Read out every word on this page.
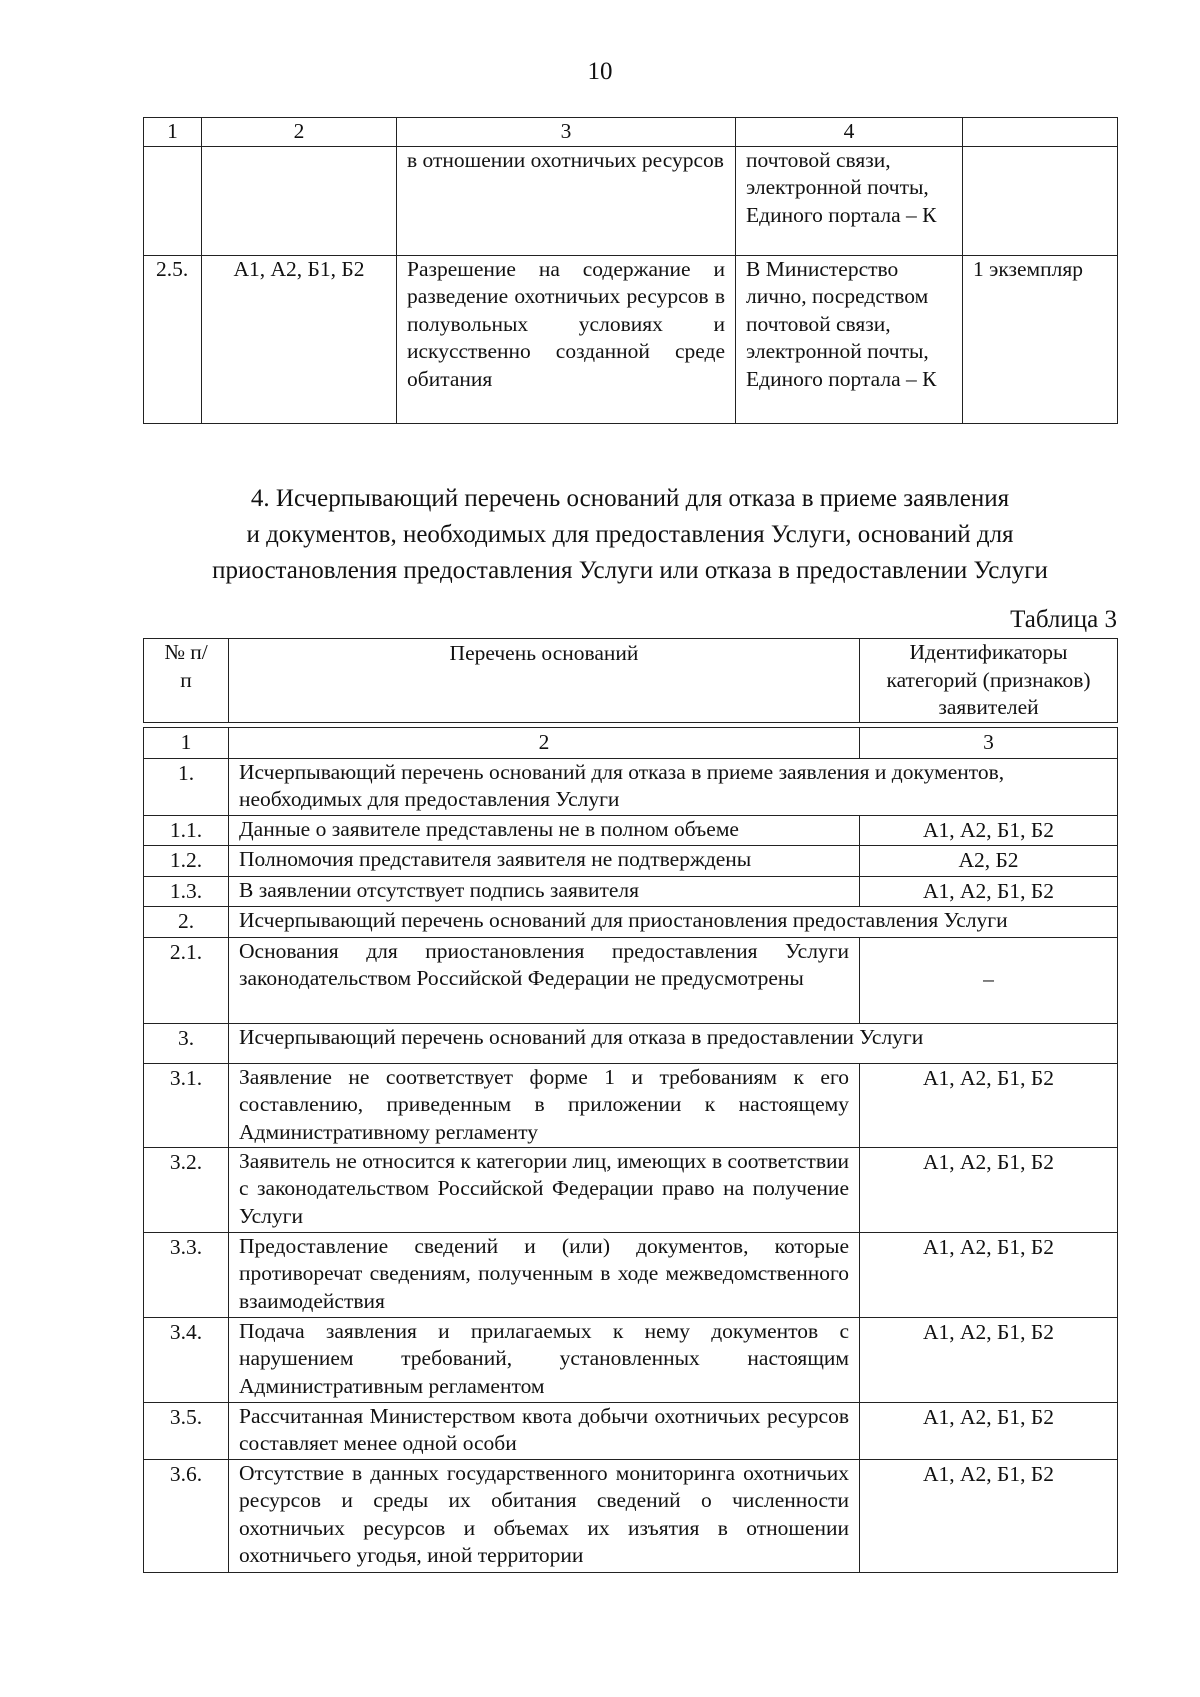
10
1	2	3	4	
		в отношении охотничьих ресурсов	почтовой связи, электронной почты, Единого портала – К	
2.5.	А1, А2, Б1, Б2	Разрешение на содержание и разведение охотничьих ресурсов в полувольных условиях и искусственно созданной среде обитания	В Министерство лично, посредством почтовой связи, электронной почты, Единого портала – К	1 экземпляр
4. Исчерпывающий перечень оснований для отказа в приеме заявления
и документов, необходимых для предоставления Услуги, оснований для
приостановления предоставления Услуги или отказа в предоставлении Услуги
Таблица 3
№ п/п	Перечень оснований	Идентификаторы категорий (признаков) заявителей
1	2	3
1.	Исчерпывающий перечень оснований для отказа в приеме заявления и документов, необходимых для предоставления Услуги	
1.1.	Данные о заявителе представлены не в полном объеме	А1, А2, Б1, Б2
1.2.	Полномочия представителя заявителя не подтверждены	А2, Б2
1.3.	В заявлении отсутствует подпись заявителя	А1, А2, Б1, Б2
2.	Исчерпывающий перечень оснований для приостановления предоставления Услуги	
2.1.	Основания для приостановления предоставления Услуги законодательством Российской Федерации не предусмотрены	–
3.	Исчерпывающий перечень оснований для отказа в предоставлении Услуги	
3.1.	Заявление не соответствует форме 1 и требованиям к его составлению, приведенным в приложении к настоящему Административному регламенту	А1, А2, Б1, Б2
3.2.	Заявитель не относится к категории лиц, имеющих в соответствии с законодательством Российской Федерации право на получение Услуги	А1, А2, Б1, Б2
3.3.	Предоставление сведений и (или) документов, которые противоречат сведениям, полученным в ходе межведомственного взаимодействия	А1, А2, Б1, Б2
3.4.	Подача заявления и прилагаемых к нему документов с нарушением требований, установленных настоящим Административным регламентом	А1, А2, Б1, Б2
3.5.	Рассчитанная Министерством квота добычи охотничьих ресурсов составляет менее одной особи	А1, А2, Б1, Б2
3.6.	Отсутствие в данных государственного мониторинга охотничьих ресурсов и среды их обитания сведений о численности охотничьих ресурсов и объемах их изъятия в отношении охотничьего угодья, иной территории	А1, А2, Б1, Б2
